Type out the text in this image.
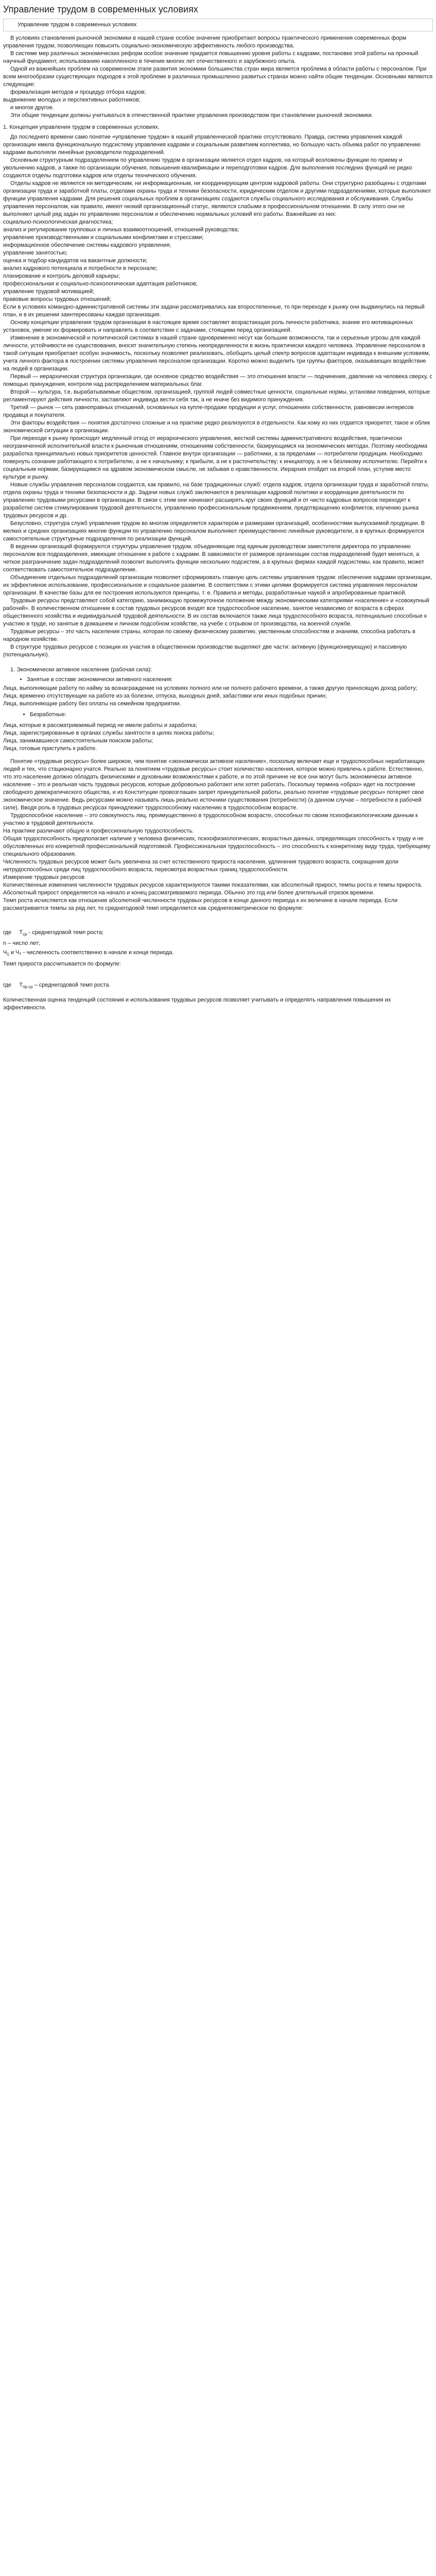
Управление трудом в современных условиях
Управление трудом в современных условиях

В условиях становления рыночной экономики в нашей стране особое значение приобретают вопросы практического применения современных форм управления трудом, позволяющих повысить социально-экономическую эффективность любого производства.

В системе мер различных экономических реформ особое значение придается повышению уровня работы с кадрами, постановке этой работы на прочный научный фундамент, использованию накопленного в течение многих лет отечественного и зарубежного опыта.

Одной из важнейших проблем на современном этапе развития экономики большинства стран мира является проблема в области работы с персоналом. При всем многообразии существующих подходов к этой проблеме в различных промышленно развитых странах можно найти общие тенденции. Основными являются следующие:

формализация методов и процедур отбора кадров;

выдвижение молодых и перспективных работников;

и многое другое.

Эти общие тенденции должны учитываться в отечественной практике управления производством при становлении рыночной экономики.

1. Концепция управления трудом в современных условиях.

До последнего времени само понятие «управление трудом» в нашей управленческой практике отсутствовало. Правда, система управления каждой организации имела функциональную подсистему управления кадрами и социальным развитием коллектива, но большую часть объема работ по управлению кадрами выполняли линейные руководители подразделений.

Основным структурным подразделением по управлению трудом в организации является отдел кадров, на который возложены функции по приему и увольнению кадров, а также по организации обучения, повышения квалификации и переподготовки кадров. Для выполнения последних функций не редко создаются отделы подготовки кадров или отделы технического обучения.

Отделы кадров не являются ни методическим, ни информационным, ни координирующим центром кадровой работы. Они структурно разобщены с отделами организации труда и заработной платы, отделами охраны труда и техники безопасности, юридическим отделом и другими подразделениями, которые выполняют функции управления кадрами. Для решения социальных проблем в организациях создаются службы социального исследования и обслуживания. Службы управления персоналом, как правило, имеют низкий организационный статус, являются слабыми в профессиональном отношении. В силу этого они не выполняют целый ряд задач по управлению персоналом и обеспечению нормальных условий его работы. Важнейшие из них:

социально-психологическая диагностика;

анализ и регулирование групповых и личных взаимоотношений, отношений руководства;

управление производственными и социальными конфликтами и стрессами;

информационное обеспечение системы кадрового управления;

управление занятостью;

оценка и подбор кандидатов на вакантные должности;

анализ кадрового потенциала и потребности в персонале;

планирование и контроль деловой карьеры;

профессиональная и социально-психологическая адаптация работников;

управление трудовой мотивацией;

правовые вопросы трудовых отношений;

Если в условиях командно-административной системы эти задачи рассматривались как второстепенные, то при переходе к рынку они выдвинулись на первый план, и в их решении заинтересованы каждая организация.

Основу концепции управления трудом организации в настоящее время составляет возрастающая роль личности работника, знание его мотивационных установок, умение их формировать и направлять в соответствии с задачами, стоящими перед организацией.

Изменение в экономической и политической системах в нашей стране одновременно несут как большие возможности, так и серьезные угрозы для каждой личности, устойчивости ее существования, вносят значительную степень неопределенности в жизнь практически каждого человека. Управление персоналом в такой ситуации приобретает особую значимость, поскольку позволяет реализовать, обобщить целый спектр вопросов адаптации индивида к внешним условиям, учета личного фактора в построении системы управления персоналом организации. Коротко можно выделить три группы факторов, оказывающих воздействие на людей в организации.

Первый — иерархическая структура организации, где основное средство воздействия — это отношения власти — подчинения, давление на человека сверху, с помощью принуждения, контроля над распределением материальных благ.

Второй — культура, т.е, вырабатываемые обществом, организацией, группой людей совместные ценности, социальные нормы, установки поведения, которые регламентируют действия личности, заставляют индивида вести себя так, а не иначе без видимого принуждения.

Третий — рынок — сеть равноправных отношений, основанных на купле-продаже продукции и услуг, отношениях собственности, равновесии интересов продавца и покупателя.

Эти факторы воздействия — понятия достаточно сложные и на практике редко реализуются в отдельности. Как кому из них отдается приоритет, такое и облик экономической ситуации в организации.

При переходе к рынку происходит медленный отход от иерархического управления, жесткой системы административного воздействия, практически неограниченной исполнительной власти к рыночным отношениям, отношениям собственности, базирующимся на экономических методах. Поэтому необходима разработка принципиально новых приоритетов ценностей. Главное внутри организации — работники, а за пределами — потребители продукции. Необходимо повернуть сознание работающего к потребителю, а не к начальнику; к прибыли, а не к расточительству; к инициатору, а не к безликому исполнителю. Перейти к социальным нормам, базирующимся на здравом экономическом смысле, не забывая о нравственности. Иерархия отойдет на второй план, уступив место культуре и рынку.

Новые службы управления персоналом создаются, как правило, на базе традиционных служб: отдела кадров, отдела организации труда и заработной платы, отдела охраны труда и техники безопасности и др. Задачи новых служб заключаются в реализации кадровой политики и координации деятельности по управлению трудовыми ресурсами в организации. В связи с этим они начинают расширять круг своих функций и от чисто кадровых вопросов переходят к разработке систем стимулирования трудовой деятельности, управлению профессиональным продвижением, предотвращению конфликтов, изучению рынка трудовых ресурсов и др.

Безусловно, структура служб управления трудом во многом определяется характером и размерами организаций, особенностями выпускаемой продукции. В мелких и средних организациях многие функции по управлению персоналом выполняют преимущественно линейные руководители, а в крупных формируются самостоятельные структурные подразделения по реализации функций.

В ведении организаций формируются структуры управления трудом, объединяющие под единым руководством заместителя директора по управлению персоналом все подразделения, имеющие отношение к работе с кадрами. В зависимости от размеров организации состав подразделений будет меняться, а четкое разграничение задач подразделений позволит выполнять функции нескольких подсистем, а в крупных фирмах каждой подсистемы, как правило, может соответствовать самостоятельное подразделение.

Объединение отдельных подразделений организации позволяет сформировать главную цель системы управления трудом: обеспечение кадрами организации, их эффективное использование, профессиональное и социальное развитие. В соответствии с этими целями формируется система управления персоналом организации. В качестве базы для ее построения используются принципы, т. е. Правила и методы, разработанные наукой и апробированные практикой.

Трудовые ресурсы представляют собой категорию, занимающую промежуточное положение между экономическими категориями «население» и «совокупный рабочий». В количественном отношении в состав трудовых ресурсов входят все трудоспособное население, занятое независимо от возраста в сферах общественного хозяйства и индивидуальной трудовой деятельности. В их состав включается также лица трудоспособного возраста, потенциально способные к участию в труде, но занятые в домашнем и личном подсобном хозяйстве, на учебе с отрывом от производства, на военной службе.

Трудовые ресурсы – это часть населения страны, которая по своему физическому развитию, умственным способностям и знаниям, способна работать в народном хозяйстве.

В структуре трудовых ресурсов с позиции их участия в общественном производстве выделяют две части: активную (функционирующую) и пассивную (потенциальную).

1. Экономически активное население (рабочая сила):

• Занятые в составе экономически активного населения:

Лица, выполняющие работу по найму за вознаграждение на условиях полного или не полного рабочего времени, а также другую приносящую доход работу;

Лица, временно отсутствующие на работе из-за болезни, отпуска, выходных дней, забастовки или иных подобных причин;

Лица, выполняющие работу без оплаты на семейном предприятии.

• Безработные:

Лица, которые в рассматриваемый период не имели работы и заработка;

Лица, зарегистрированные в органах службы занятости в целях поиска работы;

Лица, занимавшиеся самостоятельным поиском работы;

Лица, готовые приступить к работе.

Понятие «трудовые ресурсы» более широкое, чем понятие «экономически активное население», поскольку включает еще и трудоспособных неработающих людей и тех, что стационарно учатся. Реально за понятием «трудовые ресурсы» стоит количество населения, которое можно привлечь к работе. Естественно, что это население должно обладать физическими и духовными возможностями к работе, и по этой причине не все они могут быть экономически активное население – это и реальная часть трудовых ресурсов, которые добровольно работают или хотят работать. Поскольку термина «образ» идет на построение свободного демократического общества, и из Конституции провозглашен запрет принудительной работы, реально понятие «трудовые ресурсы» потеряет свое экономическое значение. Ведь ресурсами можно называть лишь реально источники существования (потребности) (а данном случае – потребности в рабочей силе). Вводя роль в трудовых ресурсах принадлежит трудоспособному населению в трудоспособном возрасте.

Трудоспособное население – это совокупность лиц, преимущественно в трудоспособном возрасте, способных по своим психофизиологическим данным к участию в трудовой деятельности.

На практике различают общую и профессиональную трудоспособность.

Общая трудоспособность предполагает наличие у человека физических, психофизиологических, возрастных данных, определяющих способность к труду и не обусловленных его конкретной профессиональной подготовкой. Профессиональная трудоспособность – это способность к конкретному виду труда, требующему специального образования.

Численность трудовых ресурсов может быть увеличена за счет естественного прироста населения, удлинения трудового возраста, сокращения доли нетрудоспособных среди лиц трудоспособного возраста, пересмотра возрастных границ трудоспособности.

Измерение трудовых ресурсов

Количественные изменения численности трудовых ресурсов характеризуются такими показателями, как абсолютный прирост, темпы роста и темпы прироста.

Абсолютный прирост определяется на начало и конец рассматриваемого периода. Обычно это год или более длительный отрезок времени.

Темп роста исчисляется как отношение абсолютной численности трудовых ресурсов в конце данного периода к их величине в начале периода. Если рассматривается темпы за ряд лет, то среднегодовой темп определяется как среднегеометрическое по формуле:

где $T_{ср}$ - среднегодовой темп роста;

n – число лет;

$Ч_1$ и Ч₂ - численность соответственно в начале и конце периода.

Темп прироста рассчитывается по формуле:

где $T_{пр.ср}$ – среднегодовой темп роста.

Количественная оценка тенденций состояния и использования трудовых ресурсов позволяет учитывать и определять направления повышения их эффективности.
